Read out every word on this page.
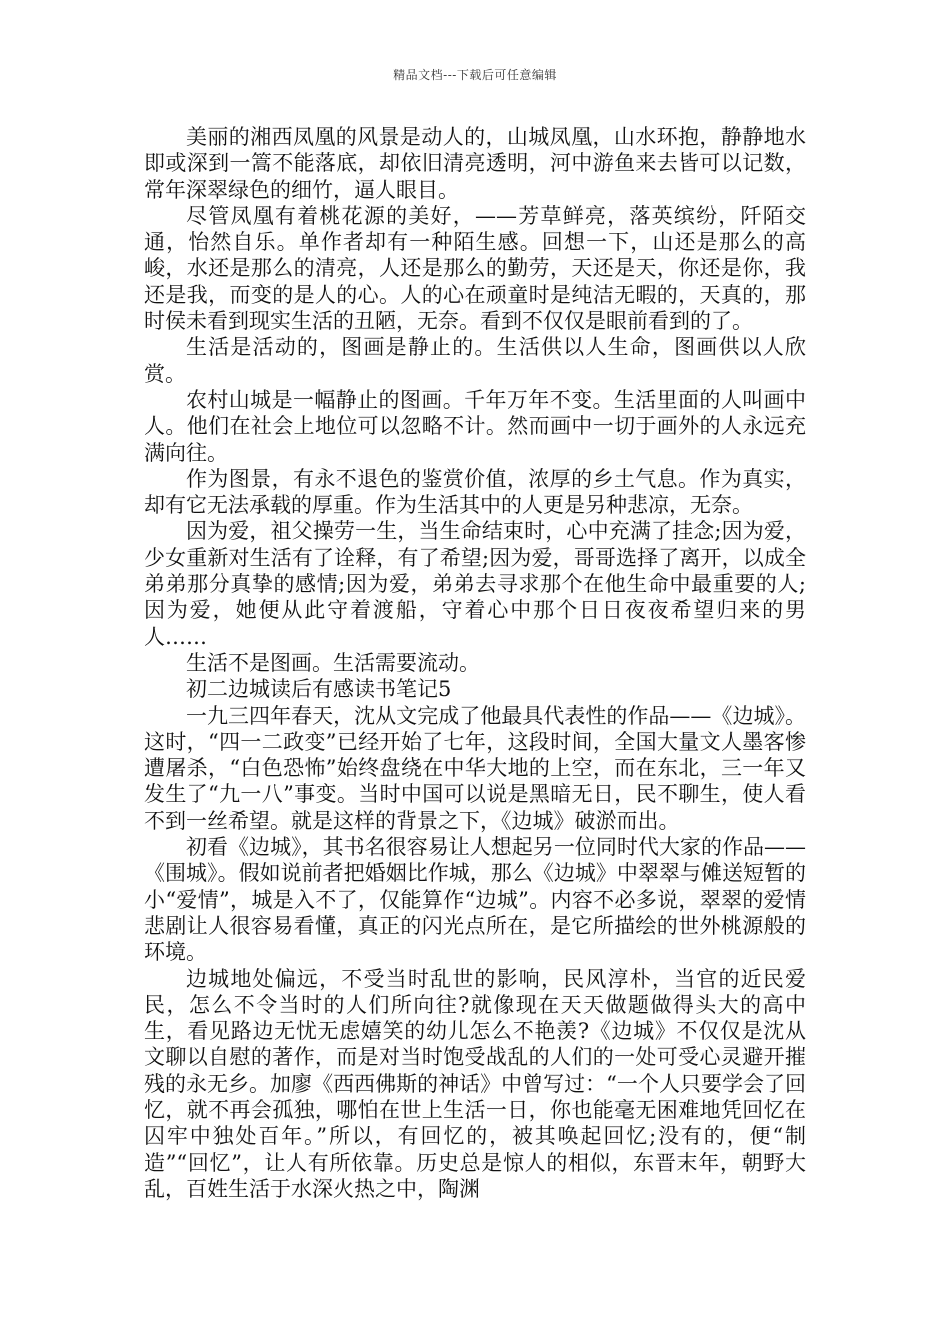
精品文档---下载后可任意编辑

美丽的湘西凤凰的风景是动人的，山城凤凰，山水环抱，静静地水即或深到一篙不能落底，却依旧清亮透明，河中游鱼来去皆可以记数，常年深翠绿色的细竹，逼人眼目。

尽管凤凰有着桃花源的美好，——芳草鲜亮，落英缤纷，阡陌交通，怡然自乐。单作者却有一种陌生感。回想一下，山还是那么的高峻，水还是那么的清亮，人还是那么的勤劳，天还是天，你还是你，我还是我，而变的是人的心。人的心在顽童时是纯洁无暇的，天真的，那时侯未看到现实生活的丑陋，无奈。看到不仅仅是眼前看到的了。

生活是活动的，图画是静止的。生活供以人生命，图画供以人欣赏。

农村山城是一幅静止的图画。千年万年不变。生活里面的人叫画中人。他们在社会上地位可以忽略不计。然而画中一切于画外的人永远充满向往。

作为图景，有永不退色的鉴赏价值，浓厚的乡土气息。作为真实，却有它无法承载的厚重。作为生活其中的人更是另种悲凉，无奈。

因为爱，祖父操劳一生，当生命结束时，心中充满了挂念;因为爱，少女重新对生活有了诠释，有了希望;因为爱，哥哥选择了离开，以成全弟弟那分真挚的感情;因为爱，弟弟去寻求那个在他生命中最重要的人;因为爱，她便从此守着渡船，守着心中那个日日夜夜希望归来的男人……

生活不是图画。生活需要流动。

初二边城读后有感读书笔记5

一九三四年春天，沈从文完成了他最具代表性的作品——《边城》。这时，“四一二政变”已经开始了七年，这段时间，全国大量文人墨客惨遭屠杀，“白色恐怖”始终盘绕在中华大地的上空，而在东北，三一年又发生了“九一八”事变。当时中国可以说是黑暗无日，民不聊生，使人看不到一丝希望。就是这样的背景之下，《边城》破淤而出。

初看《边城》，其书名很容易让人想起另一位同时代大家的作品——《围城》。假如说前者把婚姻比作城，那么《边城》中翠翠与傩送短暂的小“爱情”，城是入不了，仅能算作“边城”。内容不必多说，翠翠的爱情悲剧让人很容易看懂，真正的闪光点所在，是它所描绘的世外桃源般的环境。

边城地处偏远，不受当时乱世的影响，民风淳朴，当官的近民爱民，怎么不令当时的人们所向往?就像现在天天做题做得头大的高中生，看见路边无忧无虑嬉笑的幼儿怎么不艳羡?《边城》不仅仅是沈从文聊以自慰的著作，而是对当时饱受战乱的人们的一处可受心灵避开摧残的永无乡。加廖《西西佛斯的神话》中曾写过：“一个人只要学会了回忆，就不再会孤独，哪怕在世上生活一日，你也能毫无困难地凭回忆在囚牢中独处百年。”所以，有回忆的，被其唤起回忆;没有的，便“制造”“回忆”，让人有所依靠。历史总是惊人的相似，东晋末年，朝野大乱，百姓生活于水深火热之中，陶渊
